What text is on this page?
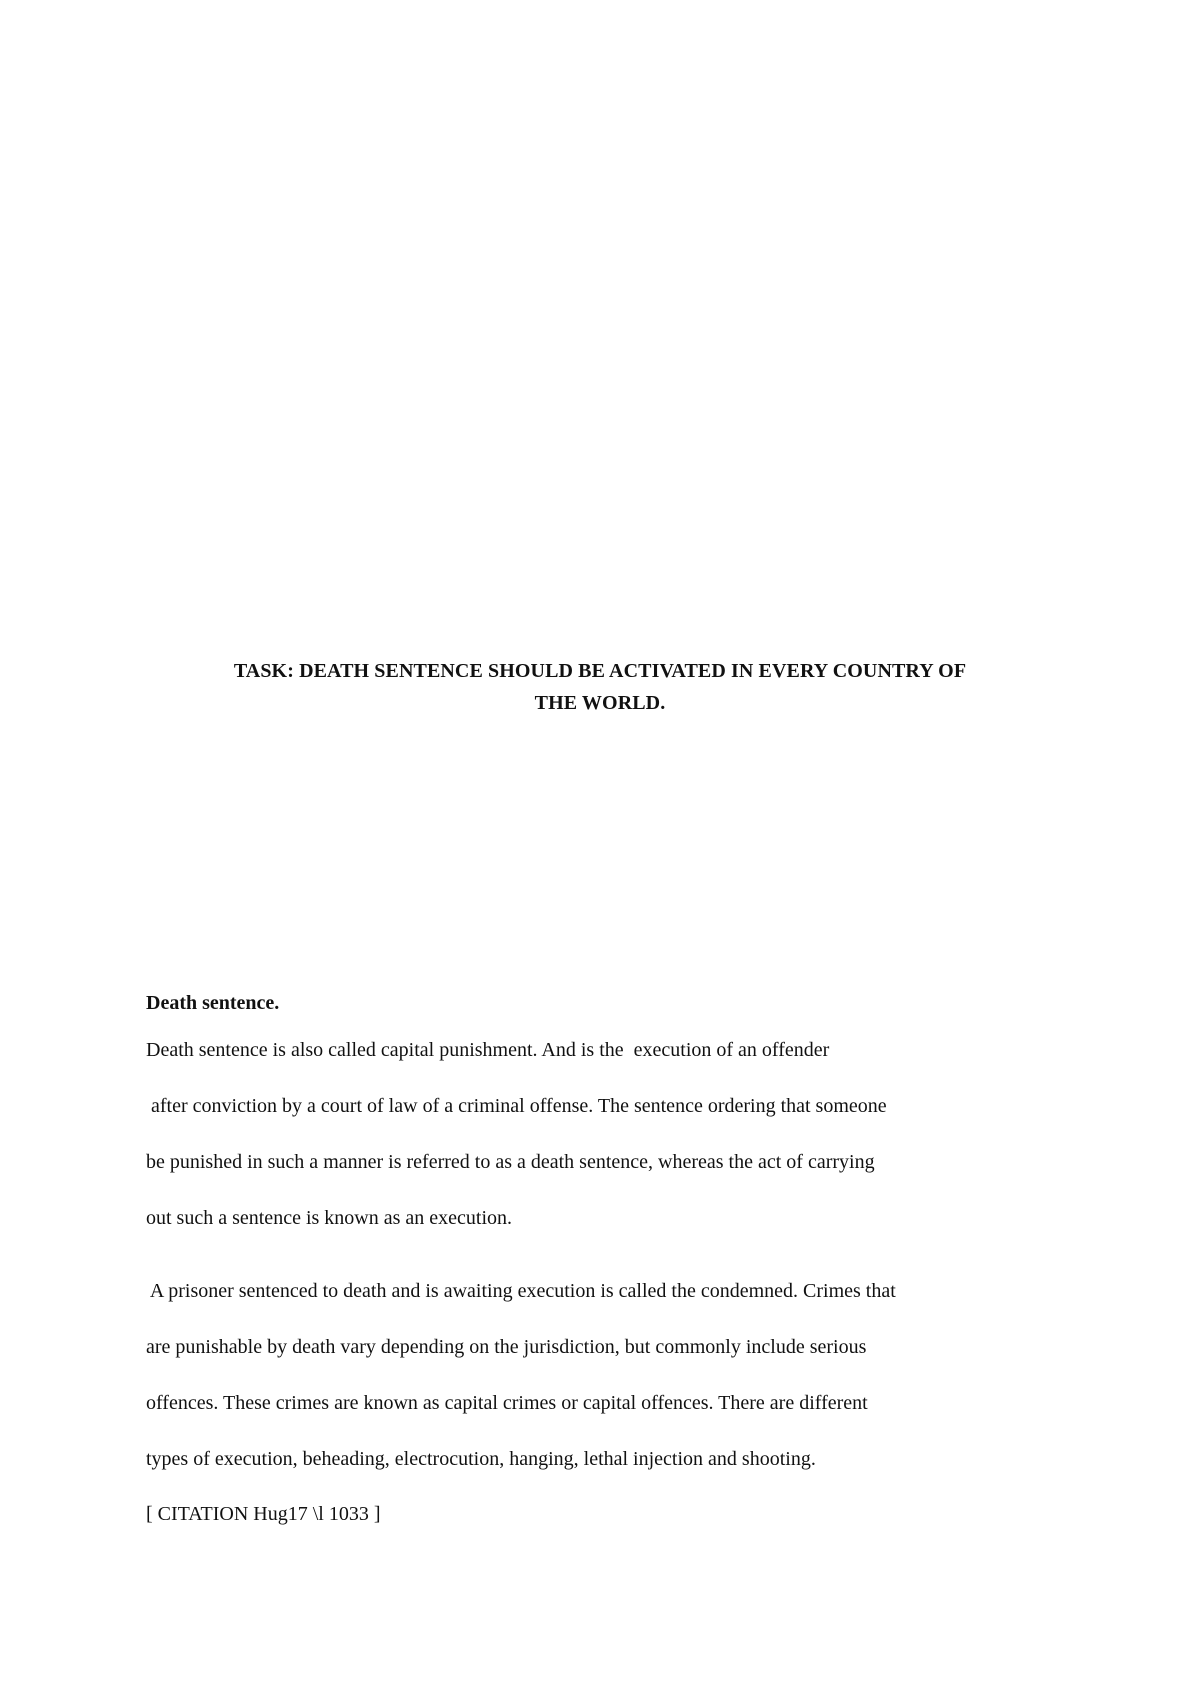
TASK: DEATH SENTENCE SHOULD BE ACTIVATED IN EVERY COUNTRY OF
THE WORLD.
Death sentence.
Death sentence is also called capital punishment. And is the  execution of an offender
after conviction by a court of law of a criminal offense. The sentence ordering that someone
be punished in such a manner is referred to as a death sentence, whereas the act of carrying
out such a sentence is known as an execution.
A prisoner sentenced to death and is awaiting execution is called the condemned. Crimes that
are punishable by death vary depending on the jurisdiction, but commonly include serious
offences. These crimes are known as capital crimes or capital offences. There are different
types of execution, beheading, electrocution, hanging, lethal injection and shooting.
[ CITATION Hug17 \l 1033 ]
